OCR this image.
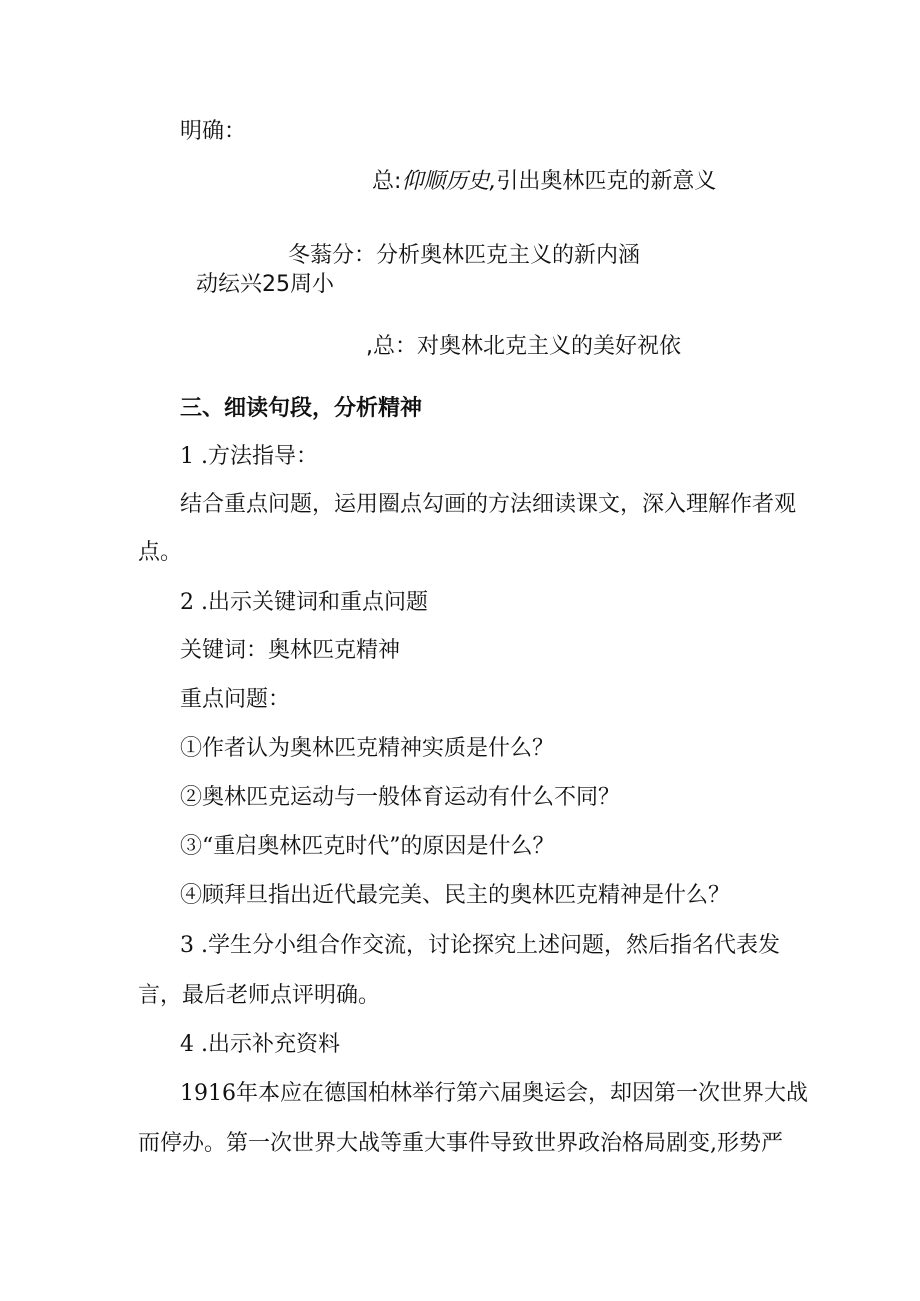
明确：
总:仰顺历史,引出奥林匹克的新意义
冬蓊分：分析奥林匹克主义的新内涵
动纭兴25周小
,总：对奥林北克主义的美好祝依
三、细读句段，分析精神
1 .方法指导：
结合重点问题，运用圈点勾画的方法细读课文，深入理解作者观
点。
2 .出示关键词和重点问题
关键词：奥林匹克精神
重点问题：
①作者认为奥林匹克精神实质是什么？
②奥林匹克运动与一般体育运动有什么不同？
③“重启奥林匹克时代”的原因是什么？
④顾拜旦指出近代最完美、民主的奥林匹克精神是什么？
3 .学生分小组合作交流，讨论探究上述问题，然后指名代表发
言，最后老师点评明确。
4 .出示补充资料
1916年本应在德国柏林举行第六届奥运会，却因第一次世界大战
而停办。第一次世界大战等重大事件导致世界政治格局剧变,形势严
